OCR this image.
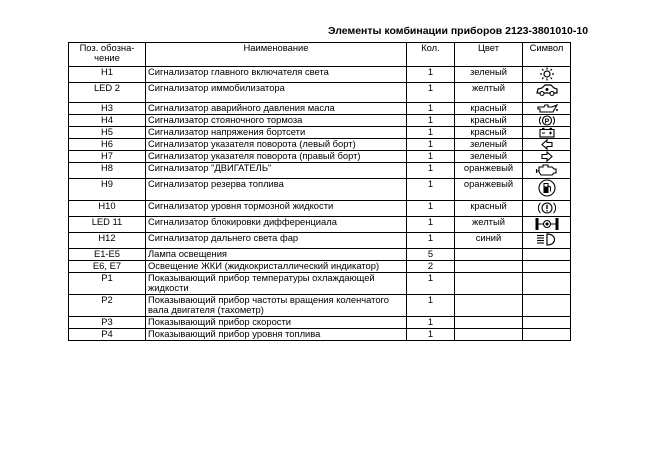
Элементы комбинации приборов 2123-3801010-10
Поз. обозна-чение	Наименование	Кол.	Цвет	Символ
H1	Сигнализатор главного включателя света	1	зеленый	

LED 2	Сигнализатор иммобилизатора	1	желтый	

H3	Сигнализатор аварийного давления масла	1	красный	

H4	Сигнализатор стояночного тормоза	1	красный	P

H5	Сигнализатор напряжения бортсети	1	красный	

H6	Сигнализатор указателя поворота (левый борт)	1	зеленый	

H7	Сигнализатор указателя поворота (правый борт)	1	зеленый	

H8	Сигнализатор "ДВИГАТЕЛЬ"	1	оранжевый	

H9	Сигнализатор резерва топлива	1	оранжевый	

H10	Сигнализатор уровня тормозной жидкости	1	красный	

LED 11	Сигнализатор блокировки дифференциала	1	желтый	

H12	Сигнализатор дальнего света фар	1	синий	

E1-E5	Лампа освещения	5		
E6, E7	Освещение ЖКИ (жидкокристаллический индикатор)	2		
P1	Показывающий прибор температуры охлаждающей жидкости	1		
P2	Показывающий прибор частоты вращения коленчатого вала двигателя (тахометр)	1		
P3	Показывающий прибор скорости	1		
P4	Показывающий прибор уровня топлива	1		
